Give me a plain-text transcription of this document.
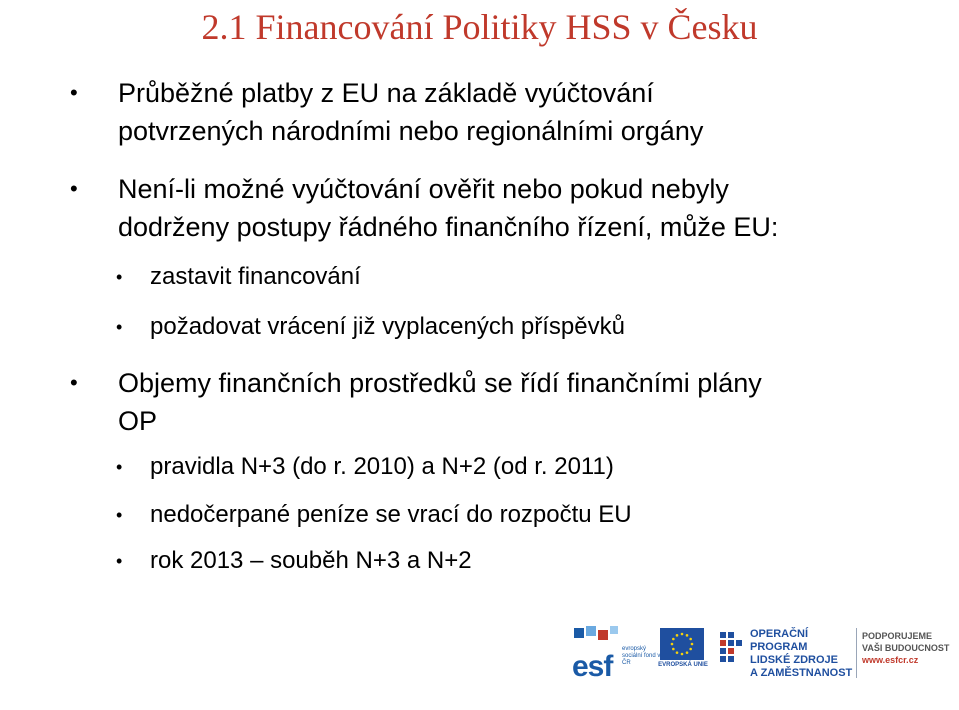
2.1 Financování Politiky HSS v Česku
• Průběžné platby z EU na základě vyúčtování
potvrzených národními nebo regionálními orgány
• Není-li možné vyúčtování ověřit nebo pokud nebyly
dodrženy postupy řádného finančního řízení, může EU:
• zastavit financování
• požadovat vrácení již vyplacených příspěvků
• Objemy finančních prostředků se řídí finančními plány
OP
• pravidla N+3 (do r. 2010) a N+2 (od r. 2011)
• nedočerpané peníze se vrací do rozpočtu EU
• rok 2013 – souběh N+3 a N+2
esf
evropský sociální fond v ČR	EVROPSKÁ UNIE
OPERAČNÍ PROGRAM
LIDSKÉ ZDROJE
A ZAMĚSTNANOST
PODPORUJEME
VAŠI BUDOUCNOST
www.esfcr.cz
